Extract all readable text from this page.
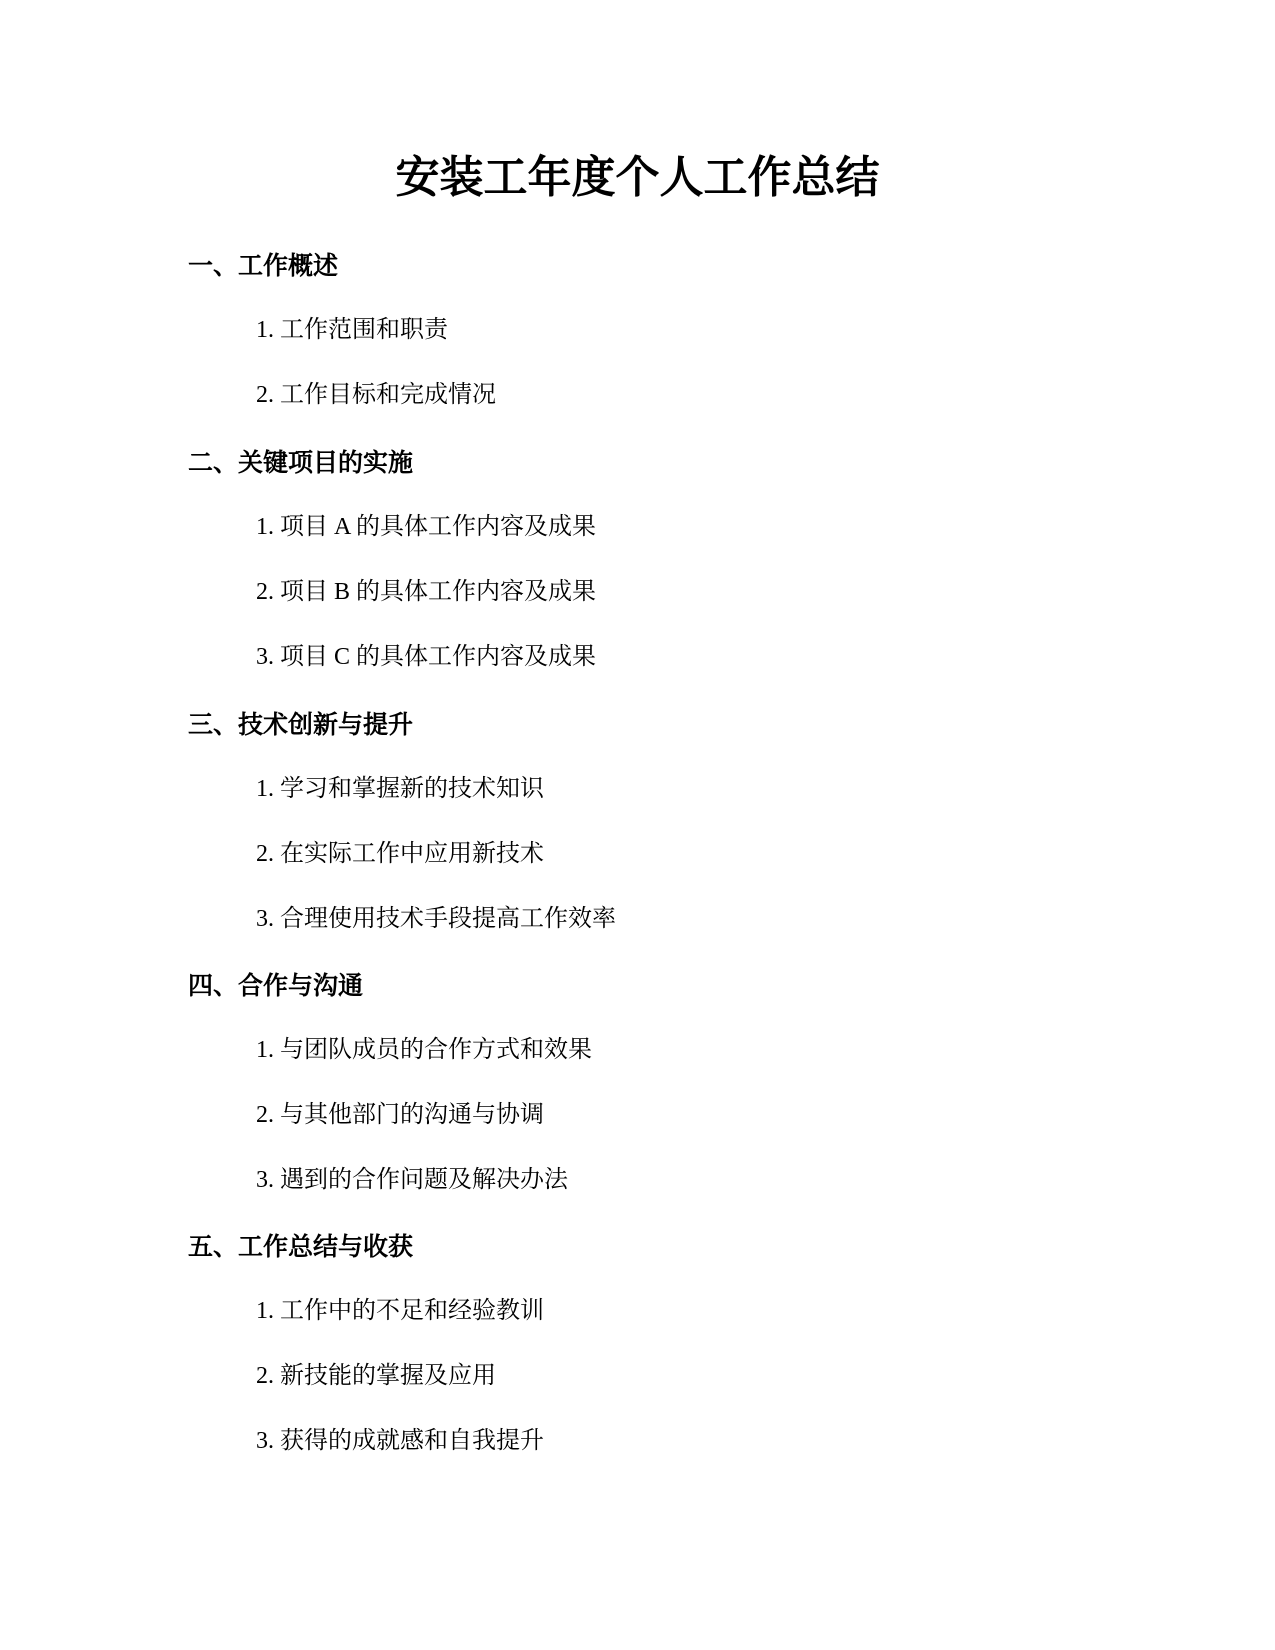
安装工年度个人工作总结
一、工作概述

1. 工作范围和职责

2. 工作目标和完成情况

二、关键项目的实施

1. 项目 A 的具体工作内容及成果

2. 项目 B 的具体工作内容及成果

3. 项目 C 的具体工作内容及成果

三、技术创新与提升

1. 学习和掌握新的技术知识

2. 在实际工作中应用新技术

3. 合理使用技术手段提高工作效率

四、合作与沟通

1. 与团队成员的合作方式和效果

2. 与其他部门的沟通与协调

3. 遇到的合作问题及解决办法

五、工作总结与收获

1. 工作中的不足和经验教训

2. 新技能的掌握及应用

3. 获得的成就感和自我提升
